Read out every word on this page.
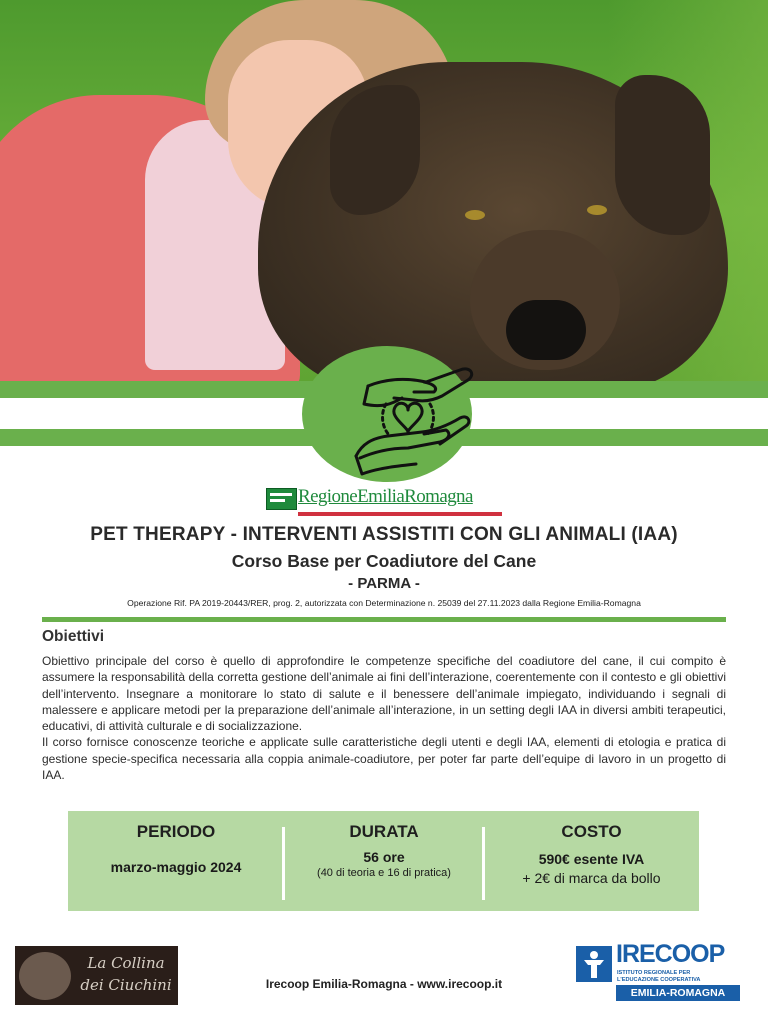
RegioneEmiliaRomagna
PET THERAPY - INTERVENTI ASSISTITI CON GLI ANIMALI (IAA)
Corso Base per Coadiutore del Cane
- PARMA -
Operazione Rif. PA 2019-20443/RER, prog. 2, autorizzata con Determinazione n. 25039 del 27.11.2023 dalla Regione Emilia-Romagna
Obiettivi

Obiettivo principale del corso è quello di approfondire le competenze specifiche del coadiutore del cane, il cui compito è assumere la responsabilità della corretta gestione dell’animale ai fini dell’interazione, coerentemente con il contesto e gli obiettivi dell’intervento. Insegnare a monitorare lo stato di salute e il benessere dell’animale impiegato, individuando i segnali di malessere e applicare metodi per la preparazione dell’animale all’interazione, in un setting degli IAA in diversi ambiti terapeutici, educativi, di attività culturale e di socializzazione.

Il corso fornisce conoscenze teoriche e applicate sulle caratteristiche degli utenti e degli IAA, elementi di etologia e pratica di gestione specie-specifica necessaria alla coppia animale-coadiutore, per poter far parte dell’equipe di lavoro in un progetto di IAA.

PERIODO
marzo-maggio 2024
DURATA
56 ore
(40 di teoria e 16 di pratica)
COSTO
590€ esente IVA
+ 2€ di marca da bollo
La Collina
dei Ciuchini	Irecoop Emilia-Romagna - www.irecoop.it
IRECOOP
ISTITUTO REGIONALE PER
L'EDUCAZIONE COOPERATIVA
EMILIA-ROMAGNA
